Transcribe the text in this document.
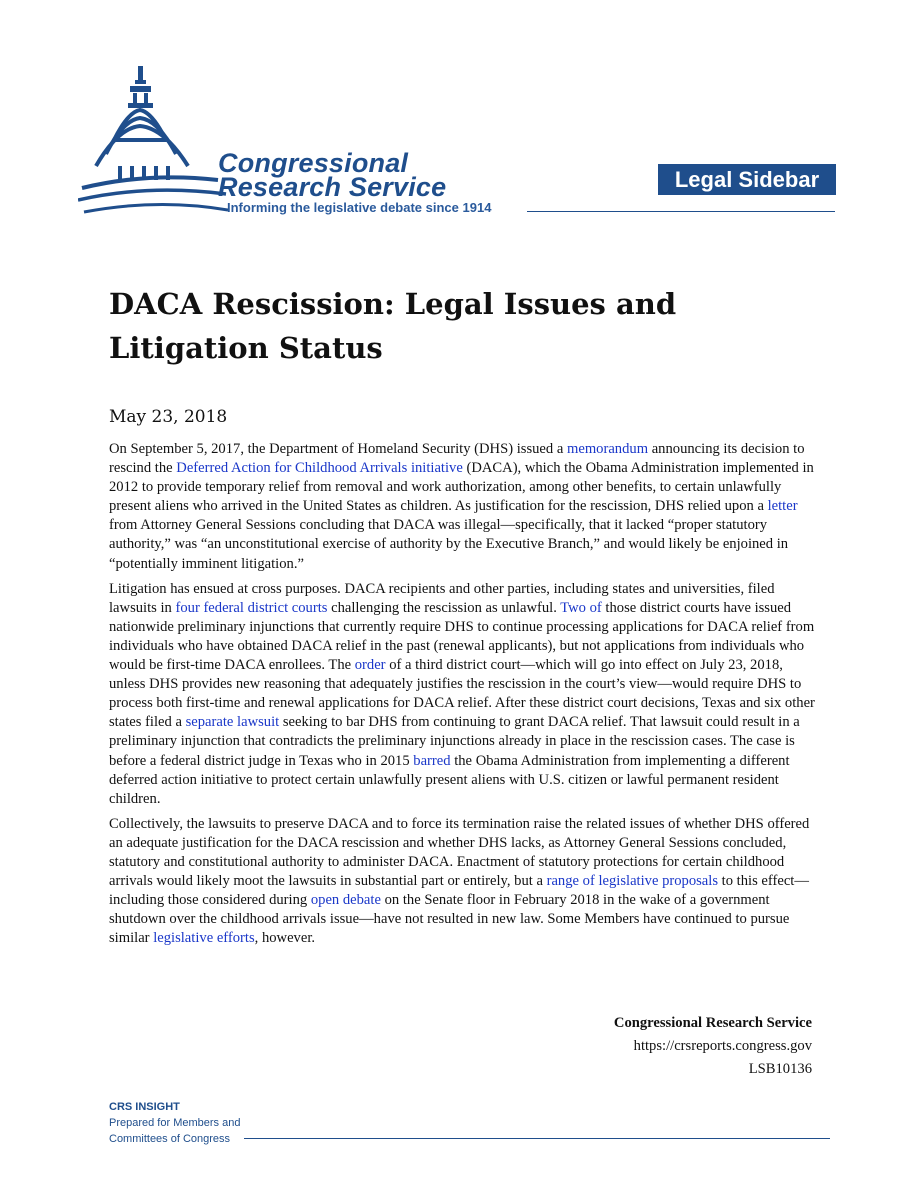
Congressional
Research Service
Informing the legislative debate since 1914
Legal Sidebar
DACA Rescission: Legal Issues and Litigation Status
May 23, 2018

On September 5, 2017, the Department of Homeland Security (DHS) issued a memorandum announcing its decision to rescind the Deferred Action for Childhood Arrivals initiative (DACA), which the Obama Administration implemented in 2012 to provide temporary relief from removal and work authorization, among other benefits, to certain unlawfully present aliens who arrived in the United States as children. As justification for the rescission, DHS relied upon a letter from Attorney General Sessions concluding that DACA was illegal—specifically, that it lacked “proper statutory authority,” was “an unconstitutional exercise of authority by the Executive Branch,” and would likely be enjoined in “potentially imminent litigation.”

Litigation has ensued at cross purposes. DACA recipients and other parties, including states and universities, filed lawsuits in four federal district courts challenging the rescission as unlawful. Two of those district courts have issued nationwide preliminary injunctions that currently require DHS to continue processing applications for DACA relief from individuals who have obtained DACA relief in the past (renewal applicants), but not applications from individuals who would be first-time DACA enrollees. The order of a third district court—which will go into effect on July 23, 2018, unless DHS provides new reasoning that adequately justifies the rescission in the court’s view—would require DHS to process both first-time and renewal applications for DACA relief. After these district court decisions, Texas and six other states filed a separate lawsuit seeking to bar DHS from continuing to grant DACA relief. That lawsuit could result in a preliminary injunction that contradicts the preliminary injunctions already in place in the rescission cases. The case is before a federal district judge in Texas who in 2015 barred the Obama Administration from implementing a different deferred action initiative to protect certain unlawfully present aliens with U.S. citizen or lawful permanent resident children.

Collectively, the lawsuits to preserve DACA and to force its termination raise the related issues of whether DHS offered an adequate justification for the DACA rescission and whether DHS lacks, as Attorney General Sessions concluded, statutory and constitutional authority to administer DACA. Enactment of statutory protections for certain childhood arrivals would likely moot the lawsuits in substantial part or entirely, but a range of legislative proposals to this effect—including those considered during open debate on the Senate floor in February 2018 in the wake of a government shutdown over the childhood arrivals issue—have not resulted in new law. Some Members have continued to pursue similar legislative efforts, however.

Congressional Research Service
https://crsreports.congress.gov
LSB10136
CRS INSIGHT
Prepared for Members and
Committees of Congress
